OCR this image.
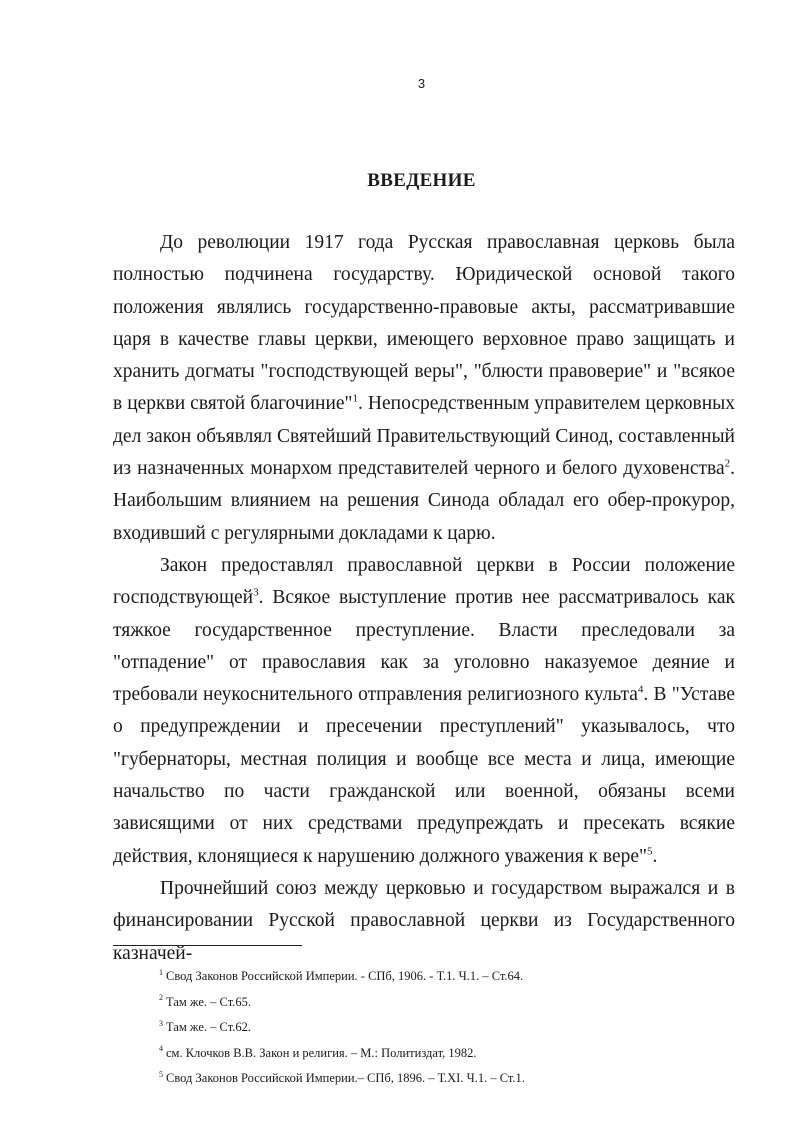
3
ВВЕДЕНИЕ

До революции 1917 года Русская православная церковь была полностью подчинена государству. Юридической основой такого положения являлись государственно-правовые акты, рассматривавшие царя в качестве главы церкви, имеющего верховное право защищать и хранить догматы "господствующей веры", "блюсти правоверие" и "всякое в церкви святой благочиние"$^1$. Непосредственным управителем церковных дел закон объявлял Святейший Правительствующий Синод, составленный из назначенных монархом представителей черного и белого духовенства$^2$. Наибольшим влиянием на решения Синода обладал его обер-прокурор, входивший с регулярными докладами к царю.

Закон предоставлял православной церкви в России положение господствующей$^3$. Всякое выступление против нее рассматривалось как тяжкое государственное преступление. Власти преследовали за "отпадение" от православия как за уголовно наказуемое деяние и требовали неукоснительного отправления религиозного культа$^4$. В "Уставе о предупреждении и пресечении преступлений" указывалось, что "губернаторы, местная полиция и вообще все места и лица, имеющие начальство по части гражданской или военной, обязаны всеми зависящими от них средствами предупреждать и пресекать всякие действия, клонящиеся к нарушению должного уважения к вере"$^5$.

Прочнейший союз между церковью и государством выражался и в финансировании Русской православной церкви из Государственного казначей-

$^1$ Свод Законов Российской Империи. - СПб, 1906. - Т.1. Ч.1. – Ст.64.

$^2$ Там же. – Ст.65.

$^3$ Там же. – Ст.62.

$^4$ см. Клочков В.В. Закон и религия. – М.: Политиздат, 1982.

$^5$ Свод Законов Российской Империи.– СПб, 1896. – Т.XI. Ч.1. – Ст.1.
